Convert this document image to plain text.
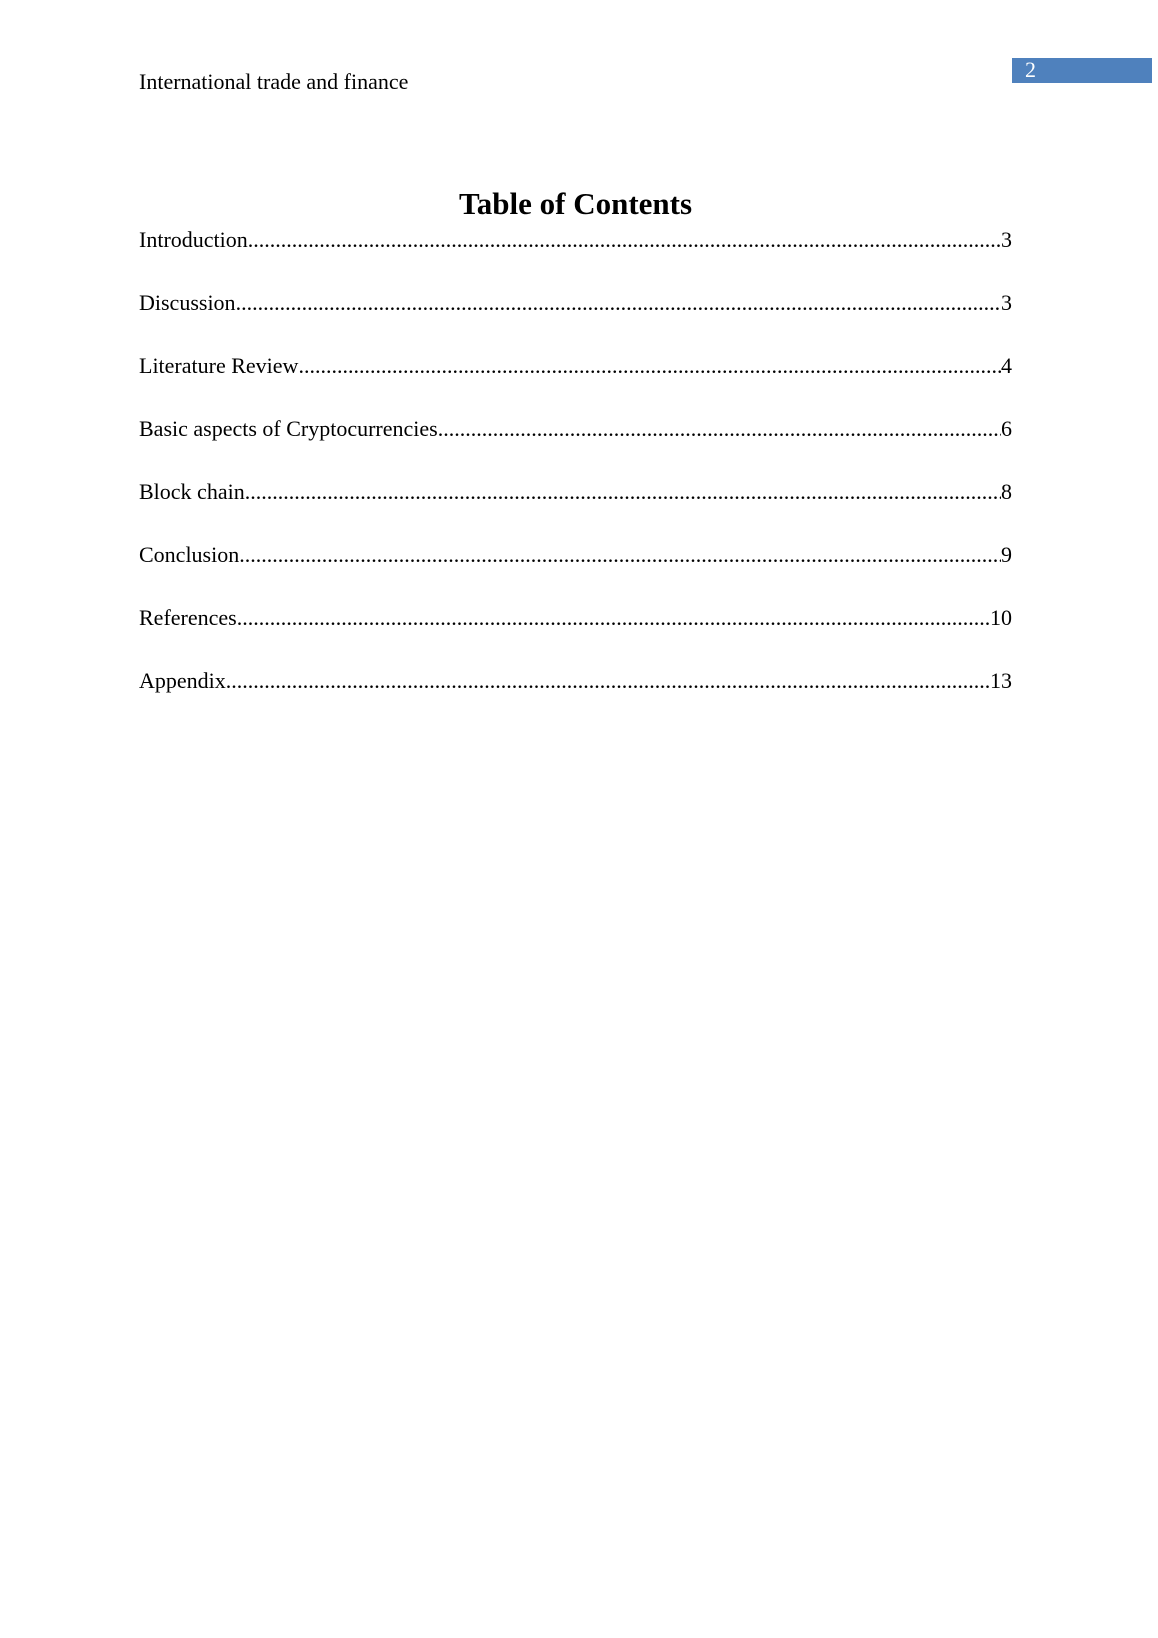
International trade and finance	2
Table of Contents
Introduction .....	3
Discussion .....	3
Literature Review .....	4
Basic aspects of Cryptocurrencies .....	6
Block chain .....	8
Conclusion .....	9
References .....	10
Appendix .....	13
